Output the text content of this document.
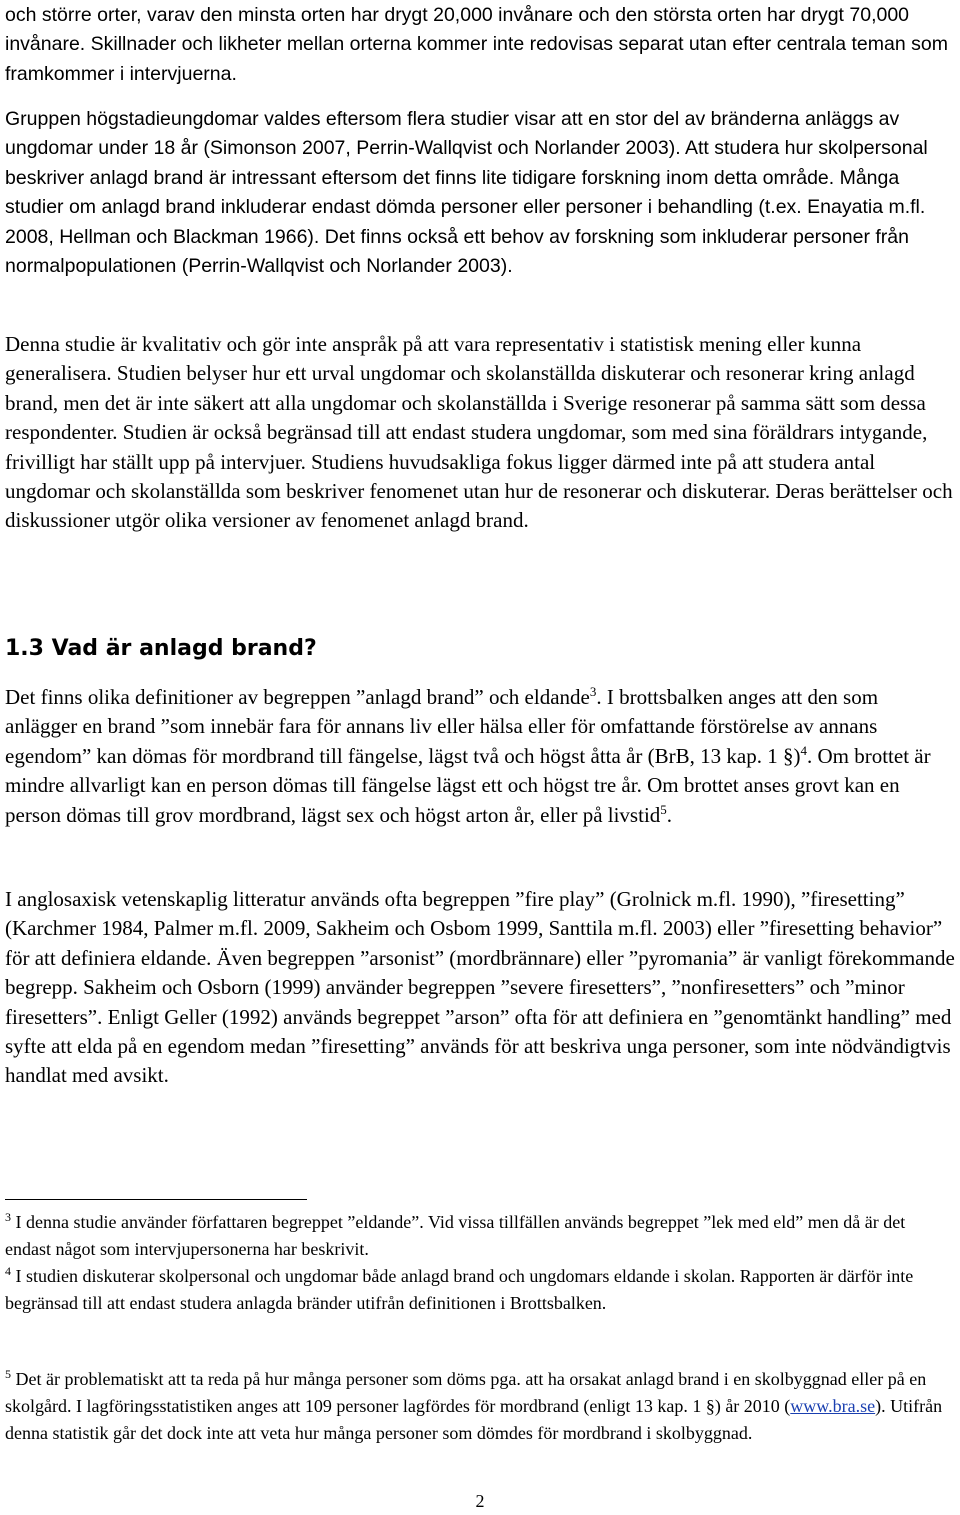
och större orter, varav den minsta orten har drygt 20,000 invånare och den största orten har drygt 70,000 invånare. Skillnader och likheter mellan orterna kommer inte redovisas separat utan efter centrala teman som framkommer i intervjuerna.

Gruppen högstadieungdomar valdes eftersom flera studier visar att en stor del av bränderna anläggs av ungdomar under 18 år (Simonson 2007, Perrin-Wallqvist och Norlander 2003). Att studera hur skolpersonal beskriver anlagd brand är intressant eftersom det finns lite tidigare forskning inom detta område. Många studier om anlagd brand inkluderar endast dömda personer eller personer i behandling (t.ex. Enayatia m.fl. 2008, Hellman och Blackman 1966). Det finns också ett behov av forskning som inkluderar personer från normalpopulationen (Perrin-Wallqvist och Norlander 2003).

Denna studie är kvalitativ och gör inte anspråk på att vara representativ i statistisk mening eller kunna generalisera. Studien belyser hur ett urval ungdomar och skolanställda diskuterar och resonerar kring anlagd brand, men det är inte säkert att alla ungdomar och skolanställda i Sverige resonerar på samma sätt som dessa respondenter. Studien är också begränsad till att endast studera ungdomar, som med sina föräldrars intygande, frivilligt har ställt upp på intervjuer. Studiens huvudsakliga fokus ligger därmed inte på att studera antal ungdomar och skolanställda som beskriver fenomenet utan hur de resonerar och diskuterar. Deras berättelser och diskussioner utgör olika versioner av fenomenet anlagd brand.

1.3 Vad är anlagd brand?

Det finns olika definitioner av begreppen ”anlagd brand” och eldande$^3$. I brottsbalken anges att den som anlägger en brand ”som innebär fara för annans liv eller hälsa eller för omfattande förstörelse av annans egendom” kan dömas för mordbrand till fängelse, lägst två och högst åtta år (BrB, 13 kap. 1 §)$^4$. Om brottet är mindre allvarligt kan en person dömas till fängelse lägst ett och högst tre år. Om brottet anses grovt kan en person dömas till grov mordbrand, lägst sex och högst arton år, eller på livstid$^5$.

I anglosaxisk vetenskaplig litteratur används ofta begreppen ”fire play” (Grolnick m.fl. 1990), ”firesetting” (Karchmer 1984, Palmer m.fl. 2009, Sakheim och Osbom 1999, Santtila m.fl. 2003) eller ”firesetting behavior” för att definiera eldande. Även begreppen ”arsonist” (mordbrännare) eller ”pyromania” är vanligt förekommande begrepp. Sakheim och Osborn (1999) använder begreppen ”severe firesetters”, ”nonfiresetters” och ”minor firesetters”. Enligt Geller (1992) används begreppet ”arson” ofta för att definiera en ”genomtänkt handling” med syfte att elda på en egendom medan ”firesetting” används för att beskriva unga personer, som inte nödvändigtvis handlat med avsikt.

$^3$ I denna studie använder författaren begreppet ”eldande”. Vid vissa tillfällen används begreppet ”lek med eld” men då är det endast något som intervjupersonerna har beskrivit.

$^4$ I studien diskuterar skolpersonal och ungdomar både anlagd brand och ungdomars eldande i skolan. Rapporten är därför inte begränsad till att endast studera anlagda bränder utifrån definitionen i Brottsbalken.

$^5$ Det är problematiskt att ta reda på hur många personer som döms pga. att ha orsakat anlagd brand i en skolbyggnad eller på en skolgård. I lagföringsstatistiken anges att 109 personer lagfördes för mordbrand (enligt 13 kap. 1 §) år 2010 (www.bra.se). Utifrån denna statistik går det dock inte att veta hur många personer som dömdes för mordbrand i skolbyggnad.

2
